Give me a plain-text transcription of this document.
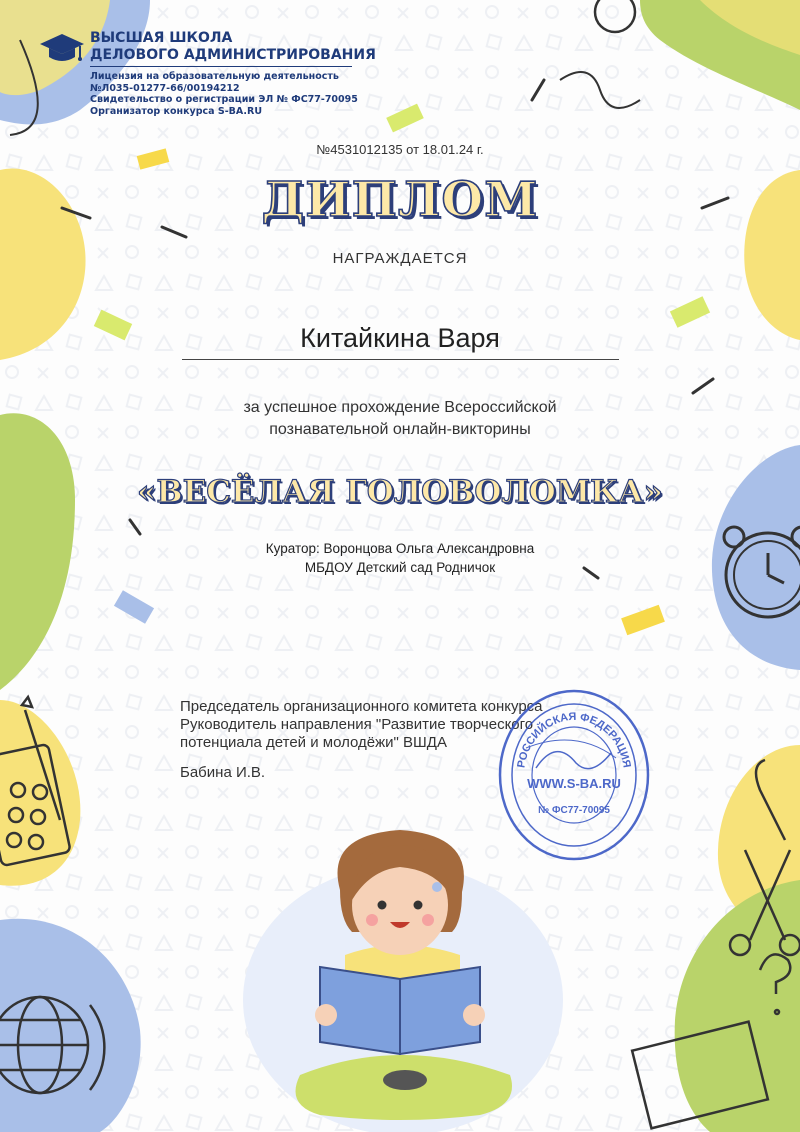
ВЫСШАЯ ШКОЛА
ДЕЛОВОГО АДМИНИСТРИРОВАНИЯ
Лицензия на образовательную деятельность
№Л035-01277-66/00194212
Свидетельство о регистрации ЭЛ № ФС77-70095
Организатор конкурса S-BA.RU
№4531012135 от 18.01.24 г.
ДИПЛОМ
НАГРАЖДАЕТСЯ
Китайкина Варя
за успешное прохождение Всероссийской
познавательной онлайн-викторины
«ВЕСЁЛАЯ ГОЛОВОЛОМКА»
Куратор: Воронцова Ольга Александровна
МБДОУ Детский сад Родничок
Председатель организационного комитета конкурса
Руководитель направления "Развитие творческого
потенциала детей и молодёжи" ВШДА
Бабина И.В.	РОССИЙСКАЯ ФЕДЕРАЦИЯ
WWW.S-BA.RU
№ ФС77-70095
